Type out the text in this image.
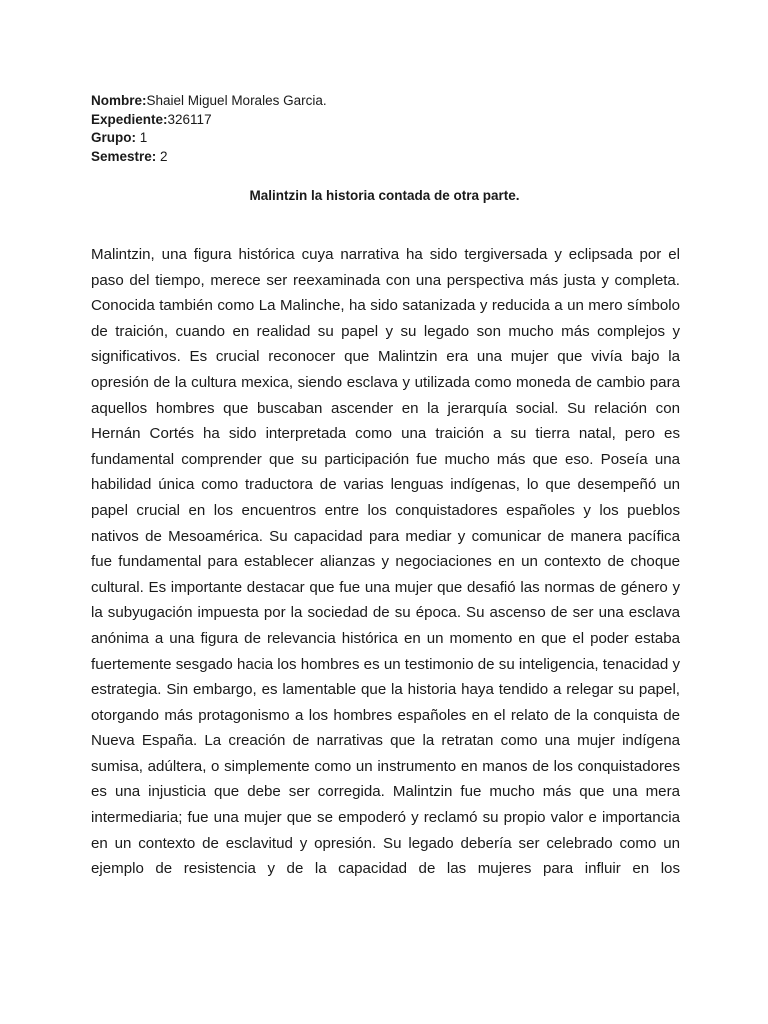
Nombre:Shaiel Miguel Morales Garcia.
Expediente:326117
Grupo: 1
Semestre: 2
Malintzin la historia contada de otra parte.

Malintzin, una figura histórica cuya narrativa ha sido tergiversada y eclipsada por el paso del tiempo, merece ser reexaminada con una perspectiva más justa y completa. Conocida también como La Malinche, ha sido satanizada y reducida a un mero símbolo de traición, cuando en realidad su papel y su legado son mucho más complejos y significativos. Es crucial reconocer que Malintzin era una mujer que vivía bajo la opresión de la cultura mexica, siendo esclava y utilizada como moneda de cambio para aquellos hombres que buscaban ascender en la jerarquía social. Su relación con Hernán Cortés ha sido interpretada como una traición a su tierra natal, pero es fundamental comprender que su participación fue mucho más que eso. Poseía una habilidad única como traductora de varias lenguas indígenas, lo que desempeñó un papel crucial en los encuentros entre los conquistadores españoles y los pueblos nativos de Mesoamérica. Su capacidad para mediar y comunicar de manera pacífica fue fundamental para establecer alianzas y negociaciones en un contexto de choque cultural. Es importante destacar que fue una mujer que desafió las normas de género y la subyugación impuesta por la sociedad de su época. Su ascenso de ser una esclava anónima a una figura de relevancia histórica en un momento en que el poder estaba fuertemente sesgado hacia los hombres es un testimonio de su inteligencia, tenacidad y estrategia. Sin embargo, es lamentable que la historia haya tendido a relegar su papel, otorgando más protagonismo a los hombres españoles en el relato de la conquista de Nueva España. La creación de narrativas que la retratan como una mujer indígena sumisa, adúltera, o simplemente como un instrumento en manos de los conquistadores es una injusticia que debe ser corregida. Malintzin fue mucho más que una mera intermediaria; fue una mujer que se empoderó y reclamó su propio valor e importancia en un contexto de esclavitud y opresión. Su legado debería ser celebrado como un ejemplo de resistencia y de la capacidad de las mujeres para influir en los
